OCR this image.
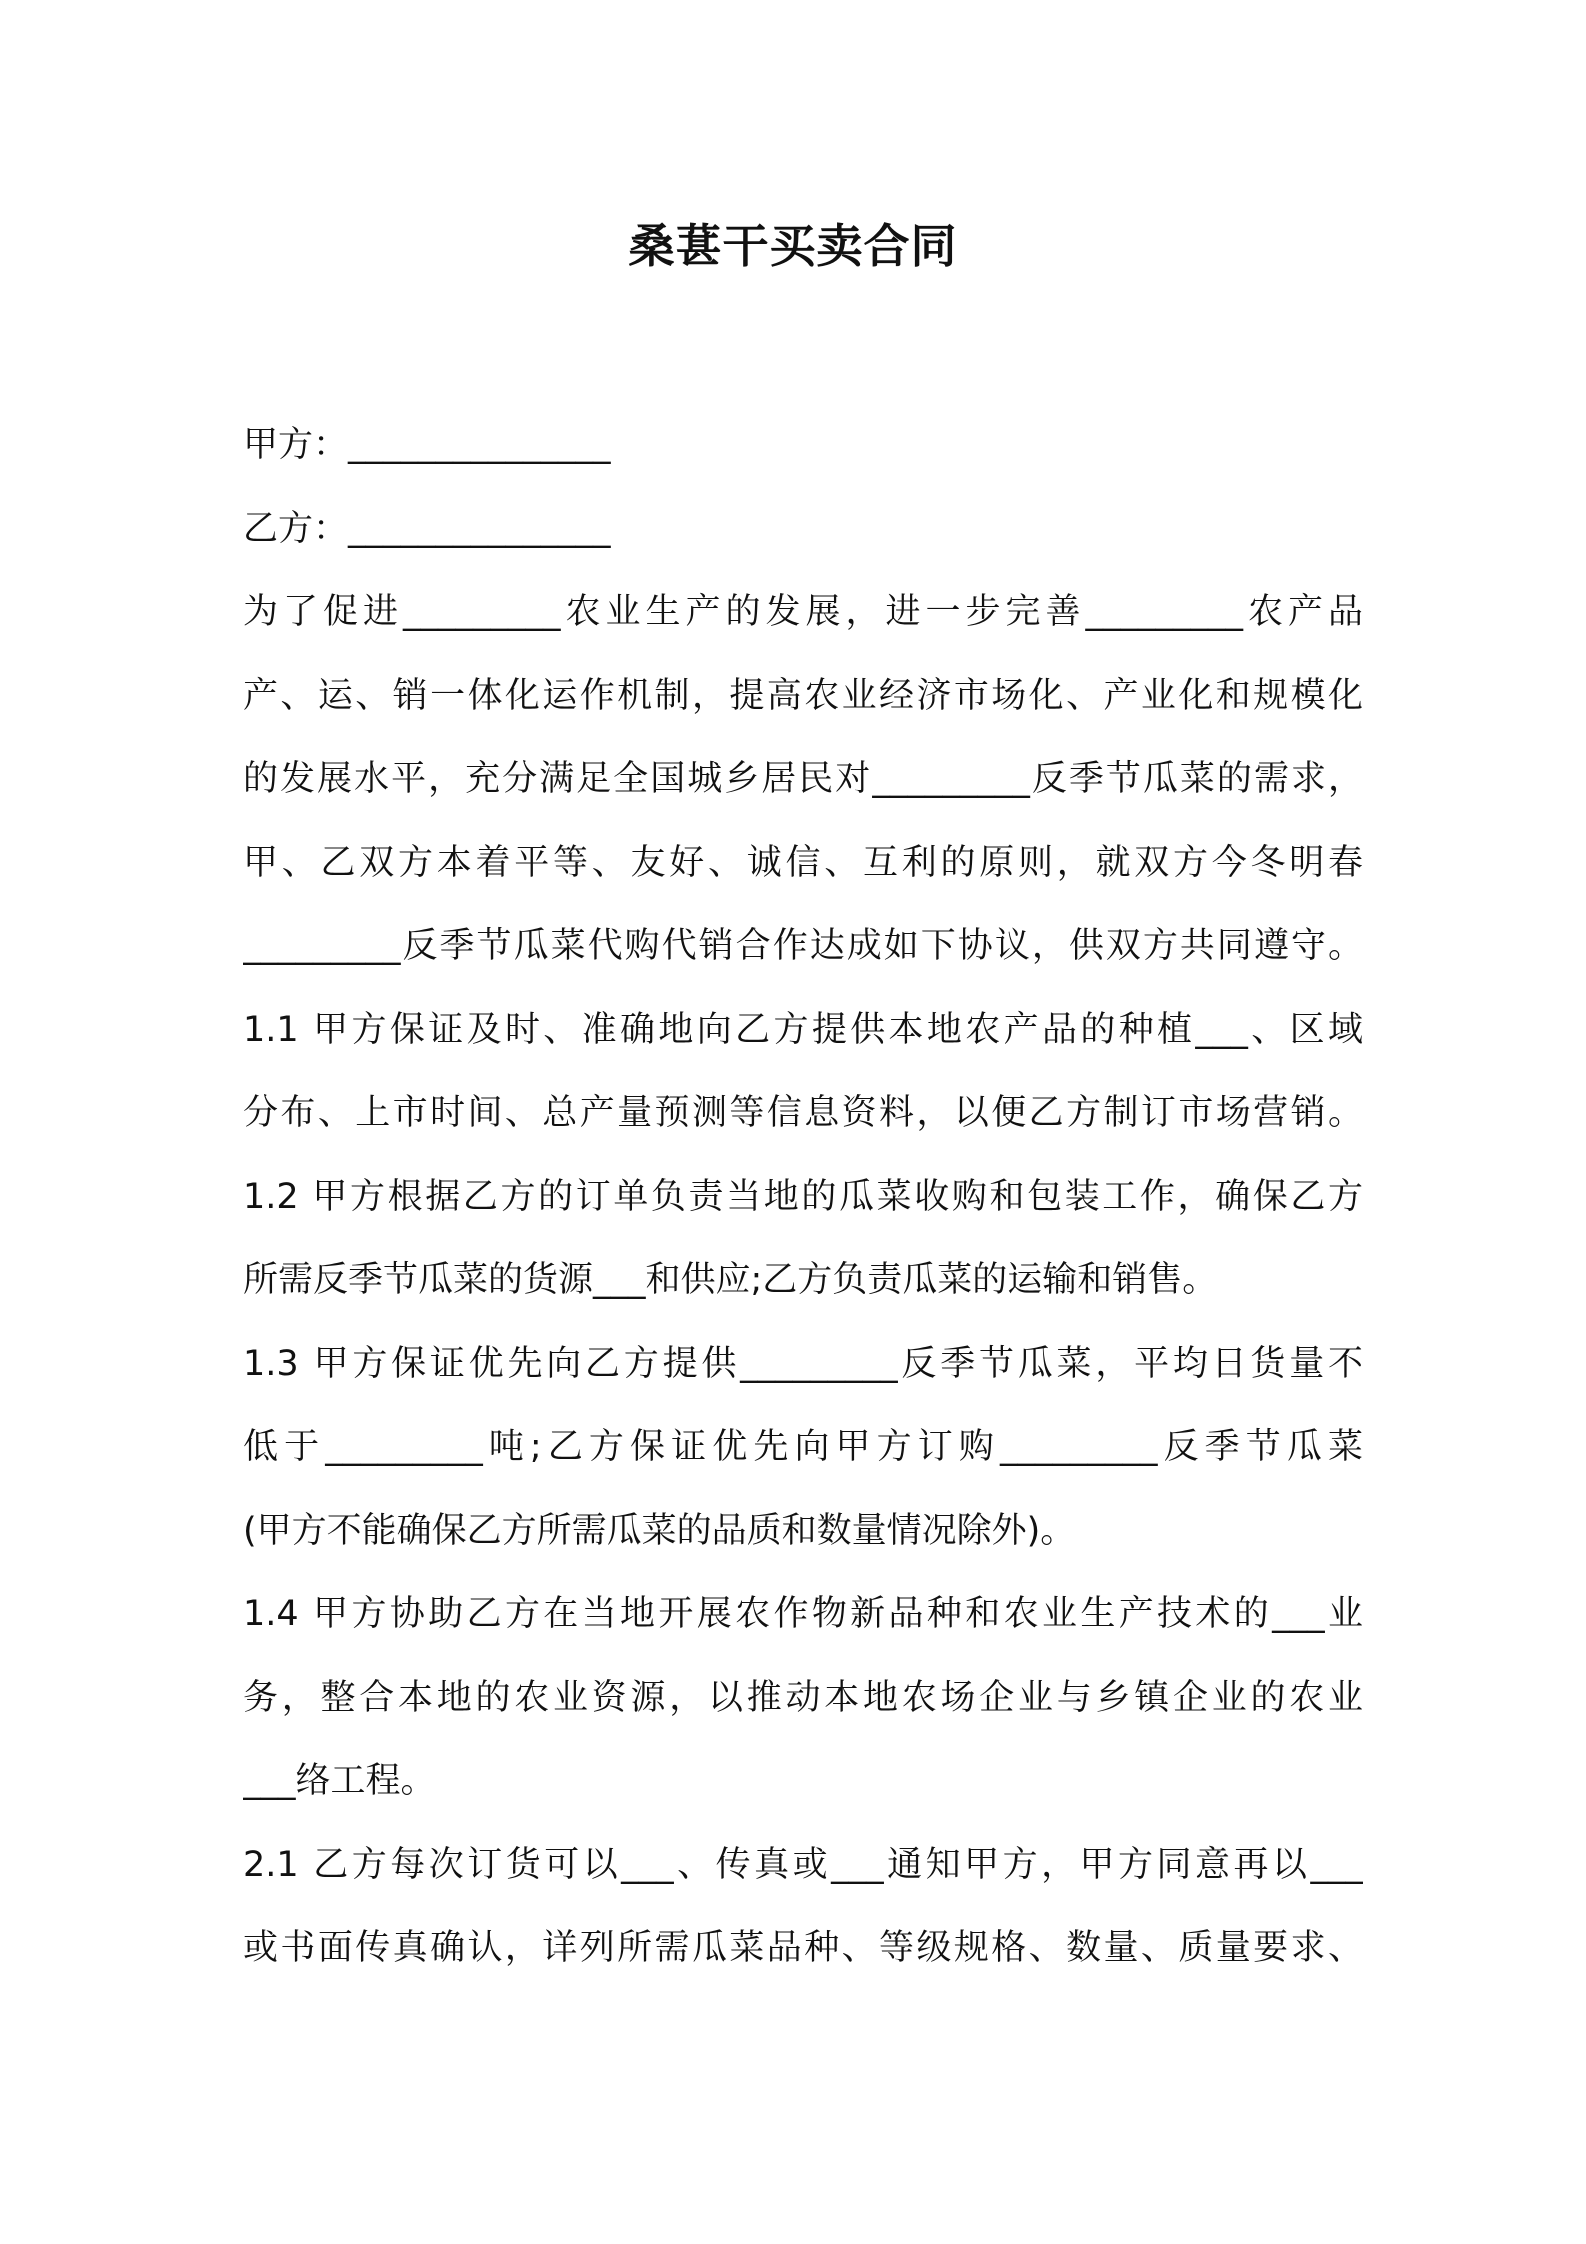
桑葚干买卖合同
甲方：_______________
乙方：_______________
为了促进_________农业生产的发展，进一步完善_________农产品
产、运、销一体化运作机制，提高农业经济市场化、产业化和规模化
的发展水平，充分满足全国城乡居民对_________反季节瓜菜的需求，
甲、乙双方本着平等、友好、诚信、互利的原则，就双方今冬明春
_________反季节瓜菜代购代销合作达成如下协议，供双方共同遵守。
1.1 甲方保证及时、准确地向乙方提供本地农产品的种植___、区域
分布、上市时间、总产量预测等信息资料，以便乙方制订市场营销。
1.2 甲方根据乙方的订单负责当地的瓜菜收购和包装工作，确保乙方
所需反季节瓜菜的货源___和供应;乙方负责瓜菜的运输和销售。
1.3 甲方保证优先向乙方提供_________反季节瓜菜，平均日货量不
低于_________吨;乙方保证优先向甲方订购_________反季节瓜菜
(甲方不能确保乙方所需瓜菜的品质和数量情况除外)。
1.4 甲方协助乙方在当地开展农作物新品种和农业生产技术的___业
务，整合本地的农业资源，以推动本地农场企业与乡镇企业的农业
___络工程。
2.1 乙方每次订货可以___、传真或___通知甲方，甲方同意再以___
或书面传真确认，详列所需瓜菜品种、等级规格、数量、质量要求、
